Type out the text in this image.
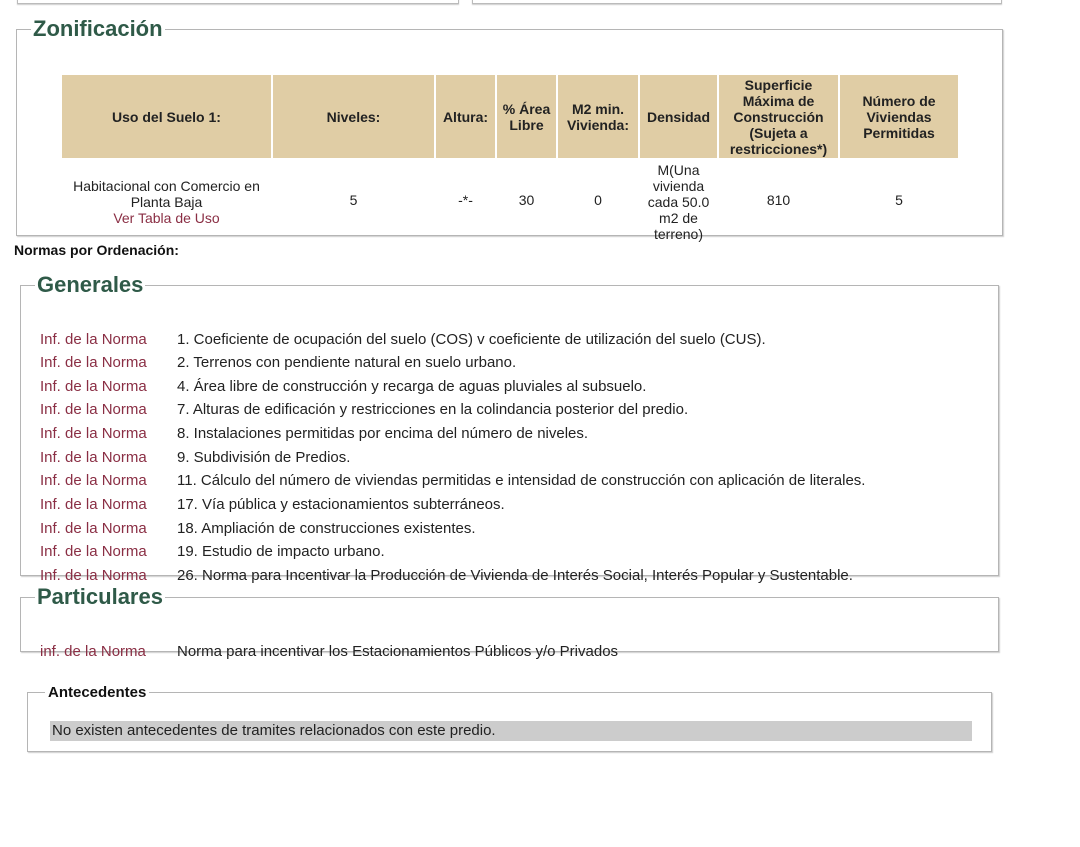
Zonificación
Uso del Suelo 1:	Niveles:	Altura:	% Área Libre	M2 min. Vivienda:	Densidad	Superficie Máxima de Construcción (Sujeta a restricciones*)	Número de Viviendas Permitidas

Habitacional con Comercio en Planta Baja
Ver Tabla de Uso	5	-*-	30	0	M(Una vivienda cada 50.0 m2 de terreno)	810	5
Normas por Ordenación:
Generales
Inf. de la Norma 1. Coeficiente de ocupación del suelo (COS) v coeficiente de utilización del suelo (CUS).
Inf. de la Norma 2. Terrenos con pendiente natural en suelo urbano.
Inf. de la Norma 4. Área libre de construcción y recarga de aguas pluviales al subsuelo.
Inf. de la Norma 7. Alturas de edificación y restricciones en la colindancia posterior del predio.
Inf. de la Norma 8. Instalaciones permitidas por encima del número de niveles.
Inf. de la Norma 9. Subdivisión de Predios.
Inf. de la Norma 11. Cálculo del número de viviendas permitidas e intensidad de construcción con aplicación de literales.
Inf. de la Norma 17. Vía pública y estacionamientos subterráneos.
Inf. de la Norma 18. Ampliación de construcciones existentes.
Inf. de la Norma 19. Estudio de impacto urbano.
Inf. de la Norma 26. Norma para Incentivar la Producción de Vivienda de Interés Social, Interés Popular y Sustentable.
Particulares
inf. de la Norma Norma para incentivar los Estacionamientos Públicos y/o Privados
Antecedentes
No existen antecedentes de tramites relacionados con este predio.
